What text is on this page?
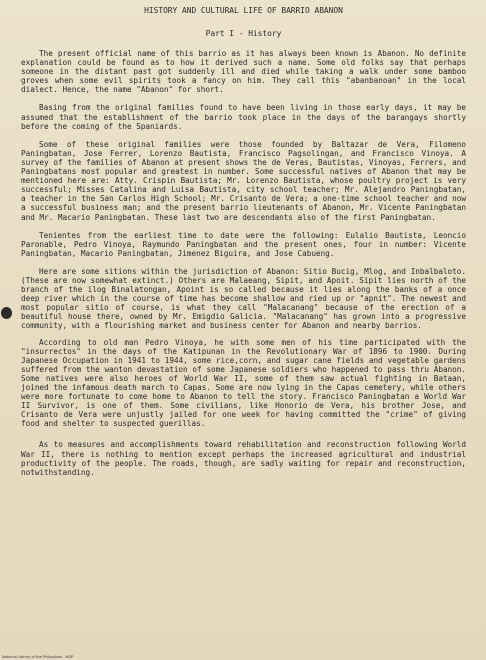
HISTORY AND CULTURAL LIFE OF BARRIO ABANON
Part I - History

The present official name of this barrio as it has always been known is Abanon. No definite explanation could be found as to how it derived such a name. Some old folks say that perhaps someone in the distant past got suddenly ill and died while taking a walk under some bamboo groves when some evil spirits took a fancy on him. They call this "abanbanoan" in the local dialect. Hence, the name "Abanon" for short.

Basing from the original families found to have been living in those early days, it may be assumed that the establishment of the barrio took place in the days of the barangays shortly before the coming of the Spaniards.

Some of these original families were those founded by Baltazar de Vera, Filomeno Paningbatan, Jose Ferrer, Lorenzo Bautista, Francisco Pagsolingan, and Francisco Vinoya. A survey of the families of Abanon at present shows the de Veras, Bautistas, Vinoyas, Ferrers, and Paningbatans most popular and greatest in number. Some successful natives of Abanon that may be mentioned here are: Atty. Crispin Bautista; Mr. Lorenzo Bautista, whose poultry project is very successful; Misses Catalina and Luisa Bautista, city school teacher; Mr. Alejandro Paningbatan, a teacher in the San Carlos High School; Mr. Crisanto de Vera; a one-time school teacher and now a successful business man; and the present barrio lieutenants of Abanon, Mr. Vicente Paningbatan and Mr. Macario Paningbatan. These last two are descendants also of the first Paningbatan.

Tenientes from the earliest time to date were the following: Eulalio Bautista, Leoncio Paronable, Pedro Vinoya, Raymundo Paningbatan and the present ones, four in number: Vicente Paningbatan, Macario Paningbatan, Jimenez Biguira, and Jose Cabueng.

Here are some sitions within the jurisdiction of Abanon: Sitio Bucig, Mlog, and Inbalbaloto. (These are now somewhat extinct.) Others are Malaeang, Sipit, and Apoit. Sipit lies north of the branch of the ilog Binalatongan, Apoint is so called because it lies along the banks of a once deep river which in the course of time has become shallow and ried up or "apnit". The newest and most popular sitio of course, is what they call "Malacanang" because of the erection of a beautiful house there, owned by Mr. Emigdio Galicia. "Malacanang" has grown into a progressive community, with a flourishing market and business center for Abanon and nearby barrios.

According to old man Pedro Vinoya, he with some men of his time participated with the "insurrectos" in the days of the Katipunan in the Revolutionary War of 1896 to 1900. During Japanese Occupation in 1941 to 1944, some rice,corn, and sugar cane fields and vegetable gardens suffered from the wanton devastation of some Japanese soldiers who happened to pass thru Abanon. Some natives were also heroes of World War II, some of them saw actual fighting in Bataan, joined the infamous death march to Capas. Some are now lying in the Capas cemetery, while others were more fortunate to come home to Abanon to tell the story. Francisco Paningbatan a World War II Survivor, is one of them. Some civilians, like Honorio de Vera, his brother Jose, and Crisanto de Vera were unjustly jailed for one week for having committed the "crime" of giving food and shelter to suspected guerillas.

As to measures and accomplishments toward rehabilitation and reconstruction following World War II, there is nothing to mention except perhaps the increased agricultural and industrial productivity of the people. The roads, though, are sadly waiting for repair and reconstruction, notwithstanding.

National Library of the Philippines - HDP
